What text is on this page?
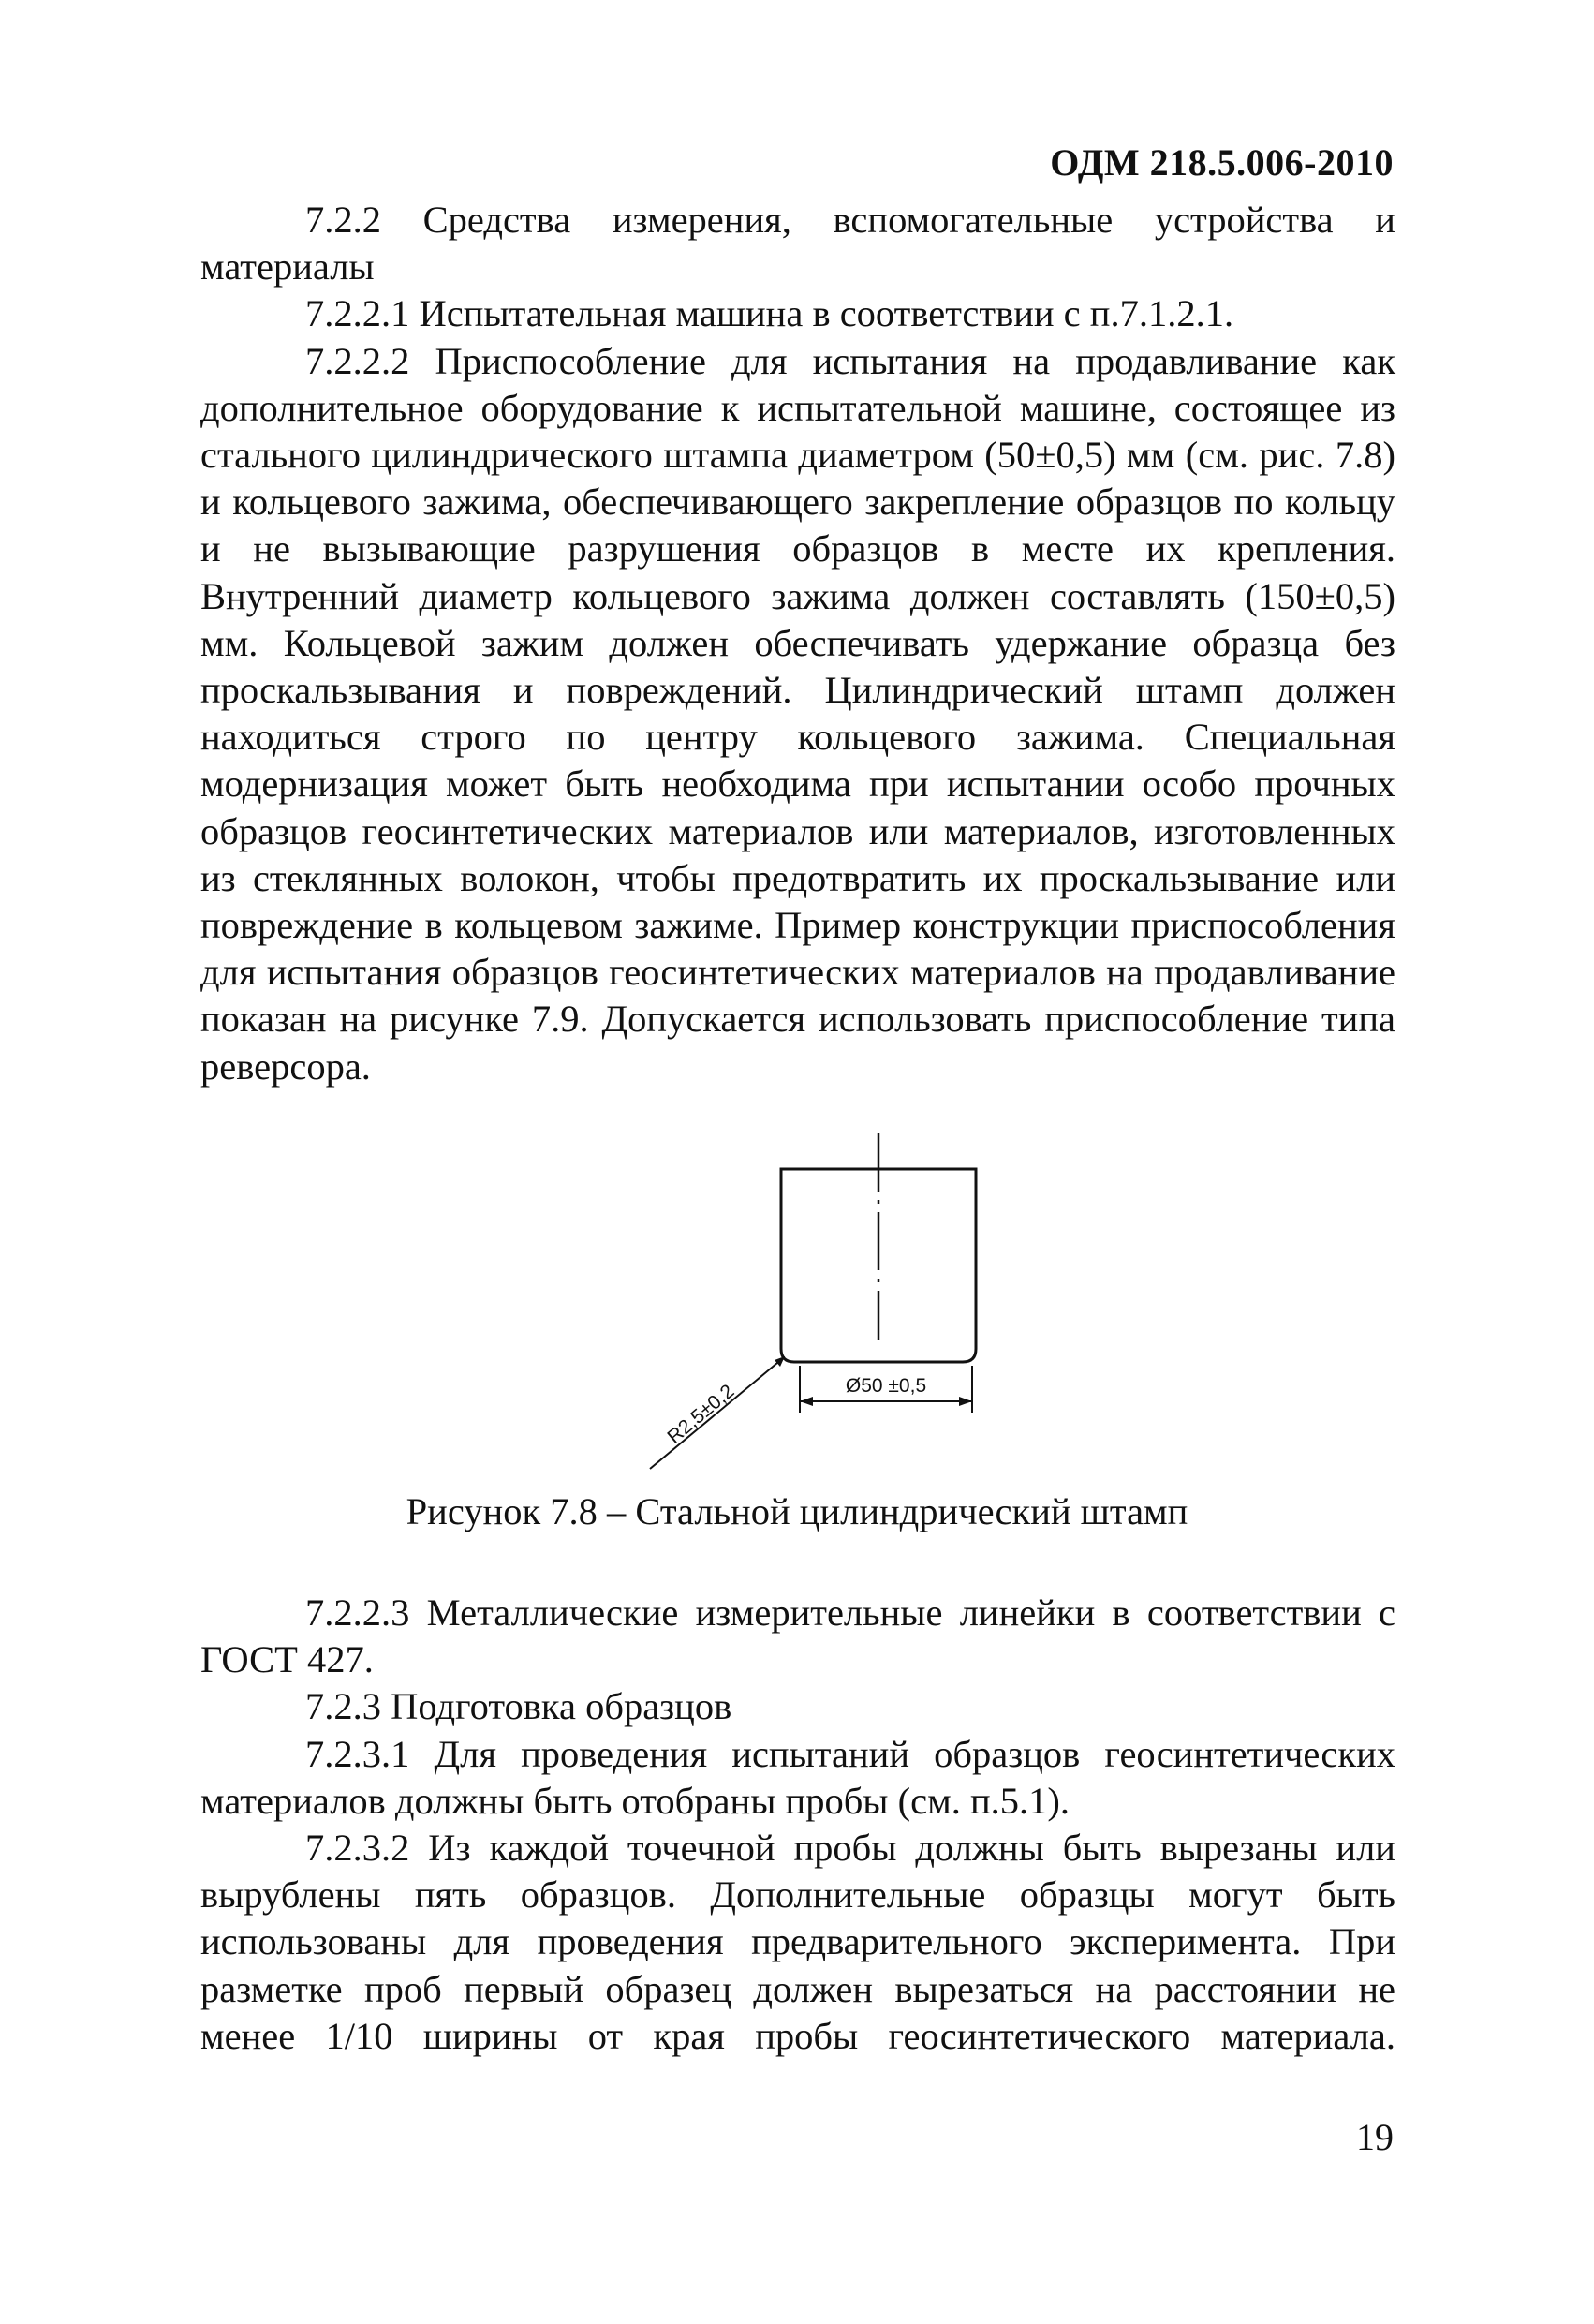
ОДМ 218.5.006-2010

7.2.2 Средства измерения, вспомогательные устройства и материалы

7.2.2.1 Испытательная машина в соответствии с п.7.1.2.1.

7.2.2.2 Приспособление для испытания на продавливание как дополнительное оборудование к испытательной машине, состоящее из стального цилиндрического штампа диаметром (50±0,5) мм (см. рис. 7.8) и кольцевого зажима, обеспечивающего закрепление образцов по кольцу и не вызывающие разрушения образцов в месте их крепления. Внутренний диаметр кольцевого зажима должен составлять (150±0,5) мм. Кольцевой зажим должен обеспечивать удержание образца без проскальзывания и повреждений. Цилиндрический штамп должен находиться строго по центру кольцевого зажима. Специальная модернизация может быть необходима при испытании особо прочных образцов геосинтетических материалов или материалов, изготовленных из стеклянных волокон, чтобы предотвратить их проскальзывание или повреждение в кольцевом зажиме. Пример конструкции приспособления для испытания образцов геосинтетических материалов на продавливание показан на рисунке 7.9. Допускается использовать приспособление типа реверсора.

Ø50 ±0,5
R2,5±0,2
Рисунок 7.8 – Стальной цилиндрический штамп

7.2.2.3 Металлические измерительные линейки в соответствии с ГОСТ 427.

7.2.3 Подготовка образцов

7.2.3.1 Для проведения испытаний образцов геосинтетических материалов должны быть отобраны пробы (см. п.5.1).

7.2.3.2 Из каждой точечной пробы должны быть вырезаны или вырублены пять образцов. Дополнительные образцы могут быть использованы для проведения предварительного эксперимента. При разметке проб первый образец должен вырезаться на расстоянии не менее 1/10 ширины от края пробы геосинтетического материала.

19
